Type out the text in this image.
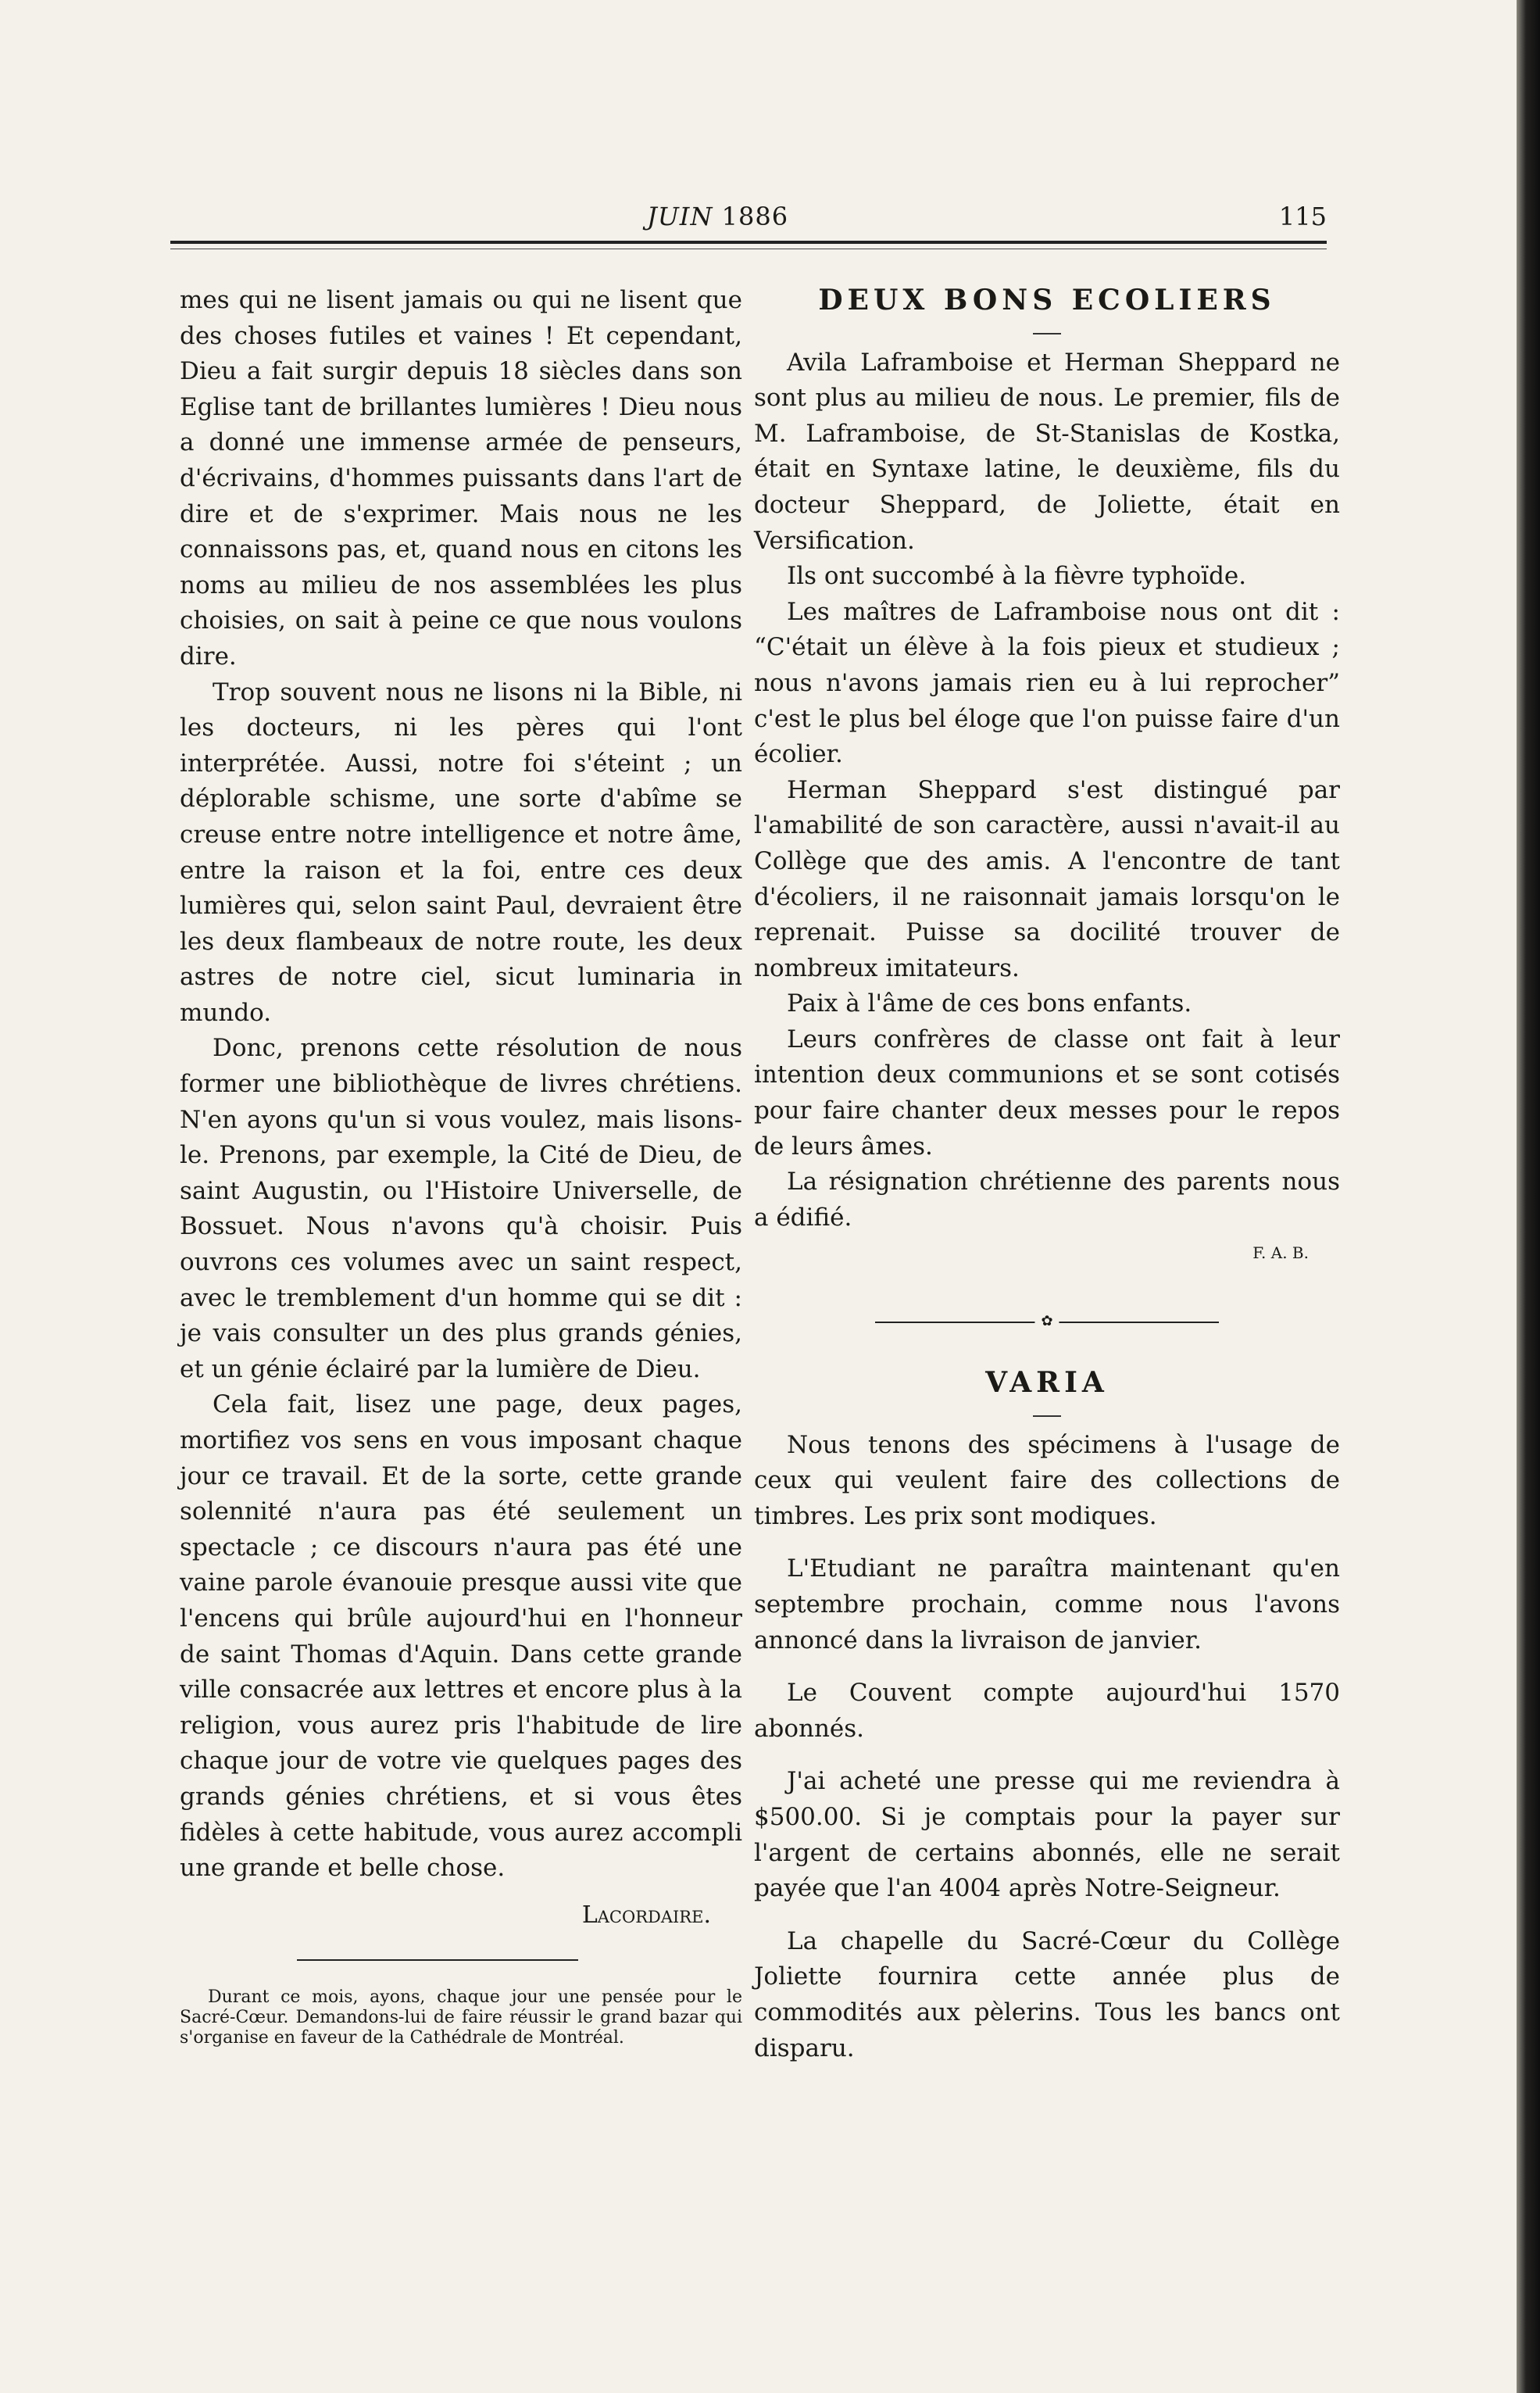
JUIN 1886	115

mes qui ne lisent jamais ou qui ne lisent que des choses futiles et vaines ! Et cependant, Dieu a fait surgir depuis 18 siècles dans son Eglise tant de brillantes lumières ! Dieu nous a donné une immense armée de penseurs, d'écrivains, d'hommes puissants dans l'art de dire et de s'exprimer. Mais nous ne les connaissons pas, et, quand nous en citons les noms au milieu de nos assemblées les plus choisies, on sait à peine ce que nous voulons dire.

Trop souvent nous ne lisons ni la Bible, ni les docteurs, ni les pères qui l'ont interprétée. Aussi, notre foi s'éteint ; un déplorable schisme, une sorte d'abîme se creuse entre notre intelligence et notre âme, entre la raison et la foi, entre ces deux lumières qui, selon saint Paul, devraient être les deux flambeaux de notre route, les deux astres de notre ciel, sicut luminaria in mundo.

Donc, prenons cette résolution de nous former une bibliothèque de livres chrétiens. N'en ayons qu'un si vous voulez, mais lisons-le. Prenons, par exemple, la Cité de Dieu, de saint Augustin, ou l'Histoire Universelle, de Bossuet. Nous n'avons qu'à choisir. Puis ouvrons ces volumes avec un saint respect, avec le tremblement d'un homme qui se dit : je vais consulter un des plus grands génies, et un génie éclairé par la lumière de Dieu.

Cela fait, lisez une page, deux pages, mortifiez vos sens en vous imposant chaque jour ce travail. Et de la sorte, cette grande solennité n'aura pas été seulement un spectacle ; ce discours n'aura pas été une vaine parole évanouie presque aussi vite que l'encens qui brûle aujourd'hui en l'honneur de saint Thomas d'Aquin. Dans cette grande ville consacrée aux lettres et encore plus à la religion, vous aurez pris l'habitude de lire chaque jour de votre vie quelques pages des grands génies chrétiens, et si vous êtes fidèles à cette habitude, vous aurez accompli une grande et belle chose.

Lacordaire.

Durant ce mois, ayons, chaque jour une pensée pour le Sacré-Cœur. Demandons-lui de faire réussir le grand bazar qui s'organise en faveur de la Cathédrale de Montréal.

DEUX BONS ECOLIERS

Avila Laframboise et Herman Sheppard ne sont plus au milieu de nous. Le premier, fils de M. Laframboise, de St-Stanislas de Kostka, était en Syntaxe latine, le deuxième, fils du docteur Sheppard, de Joliette, était en Versification.

Ils ont succombé à la fièvre typhoïde.

Les maîtres de Laframboise nous ont dit : “C'était un élève à la fois pieux et studieux ; nous n'avons jamais rien eu à lui reprocher” c'est le plus bel éloge que l'on puisse faire d'un écolier.

Herman Sheppard s'est distingué par l'amabilité de son caractère, aussi n'avait-il au Collège que des amis. A l'encontre de tant d'écoliers, il ne raisonnait jamais lorsqu'on le reprenait. Puisse sa docilité trouver de nombreux imitateurs.

Paix à l'âme de ces bons enfants.

Leurs confrères de classe ont fait à leur intention deux communions et se sont cotisés pour faire chanter deux messes pour le repos de leurs âmes.

La résignation chrétienne des parents nous a édifié.

F. A. B.
✿
VARIA

Nous tenons des spécimens à l'usage de ceux qui veulent faire des collections de timbres. Les prix sont modiques.

L'Etudiant ne paraîtra maintenant qu'en septembre prochain, comme nous l'avons annoncé dans la livraison de janvier.

Le Couvent compte aujourd'hui 1570 abonnés.

J'ai acheté une presse qui me reviendra à $500.00. Si je comptais pour la payer sur l'argent de certains abonnés, elle ne serait payée que l'an 4004 après Notre-Seigneur.

La chapelle du Sacré-Cœur du Collège Joliette fournira cette année plus de commodités aux pèlerins. Tous les bancs ont disparu.
